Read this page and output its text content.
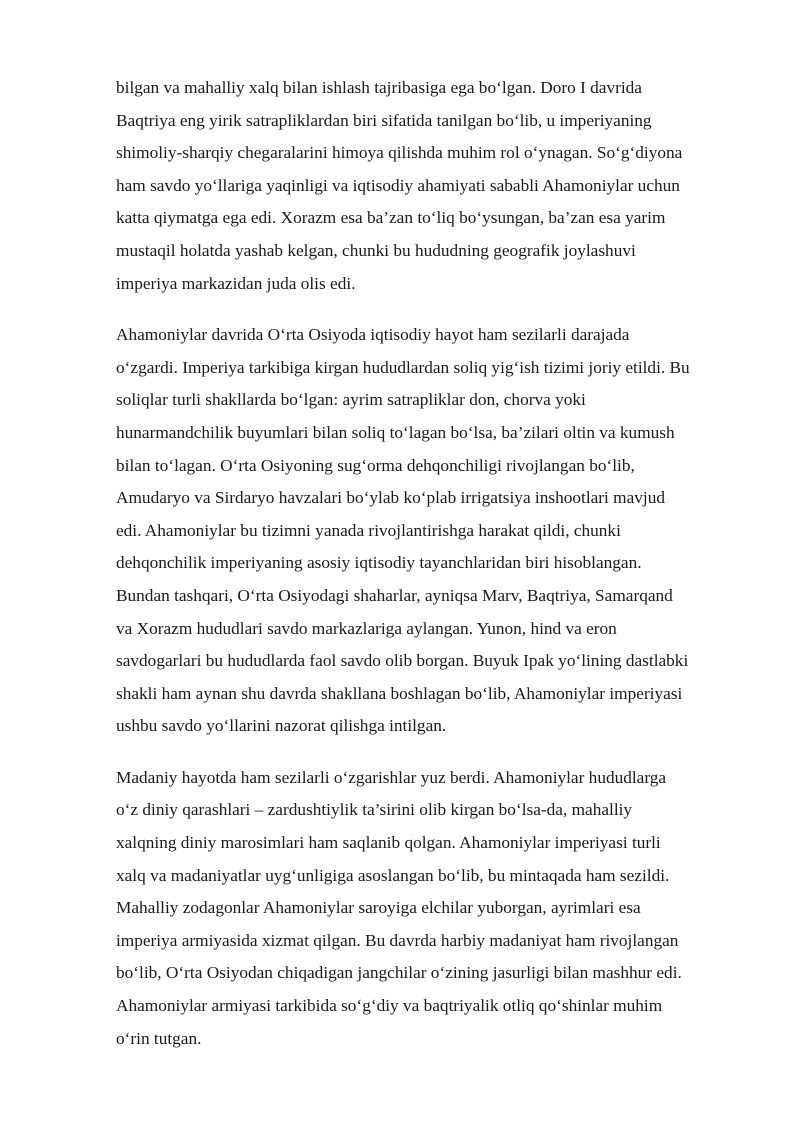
bilgan va mahalliy xalq bilan ishlash tajribasiga ega bo‘lgan. Doro I davrida
Baqtriya eng yirik satrapliklardan biri sifatida tanilgan bo‘lib, u imperiyaning
shimoliy-sharqiy chegaralarini himoya qilishda muhim rol o‘ynagan. So‘g‘diyona
ham savdo yo‘llariga yaqinligi va iqtisodiy ahamiyati sababli Ahamoniylar uchun
katta qiymatga ega edi. Xorazm esa ba’zan to‘liq bo‘ysungan, ba’zan esa yarim
mustaqil holatda yashab kelgan, chunki bu hududning geografik joylashuvi
imperiya markazidan juda olis edi.

Ahamoniylar davrida O‘rta Osiyoda iqtisodiy hayot ham sezilarli darajada
o‘zgardi. Imperiya tarkibiga kirgan hududlardan soliq yig‘ish tizimi joriy etildi. Bu
soliqlar turli shakllarda bo‘lgan: ayrim satrapliklar don, chorva yoki
hunarmandchilik buyumlari bilan soliq to‘lagan bo‘lsa, ba’zilari oltin va kumush
bilan to‘lagan. O‘rta Osiyoning sug‘orma dehqonchiligi rivojlangan bo‘lib,
Amudaryo va Sirdaryo havzalari bo‘ylab ko‘plab irrigatsiya inshootlari mavjud
edi. Ahamoniylar bu tizimni yanada rivojlantirishga harakat qildi, chunki
dehqonchilik imperiyaning asosiy iqtisodiy tayanchlaridan biri hisoblangan.
Bundan tashqari, O‘rta Osiyodagi shaharlar, ayniqsa Marv, Baqtriya, Samarqand
va Xorazm hududlari savdo markazlariga aylangan. Yunon, hind va eron
savdogarlari bu hududlarda faol savdo olib borgan. Buyuk Ipak yo‘lining dastlabki
shakli ham aynan shu davrda shakllana boshlagan bo‘lib, Ahamoniylar imperiyasi
ushbu savdo yo‘llarini nazorat qilishga intilgan.

Madaniy hayotda ham sezilarli o‘zgarishlar yuz berdi. Ahamoniylar hududlarga
o‘z diniy qarashlari – zardushtiylik ta’sirini olib kirgan bo‘lsa-da, mahalliy
xalqning diniy marosimlari ham saqlanib qolgan. Ahamoniylar imperiyasi turli
xalq va madaniyatlar uyg‘unligiga asoslangan bo‘lib, bu mintaqada ham sezildi.
Mahalliy zodagonlar Ahamoniylar saroyiga elchilar yuborgan, ayrimlari esa
imperiya armiyasida xizmat qilgan. Bu davrda harbiy madaniyat ham rivojlangan
bo‘lib, O‘rta Osiyodan chiqadigan jangchilar o‘zining jasurligi bilan mashhur edi.
Ahamoniylar armiyasi tarkibida so‘g‘diy va baqtriyalik otliq qo‘shinlar muhim
o‘rin tutgan.
